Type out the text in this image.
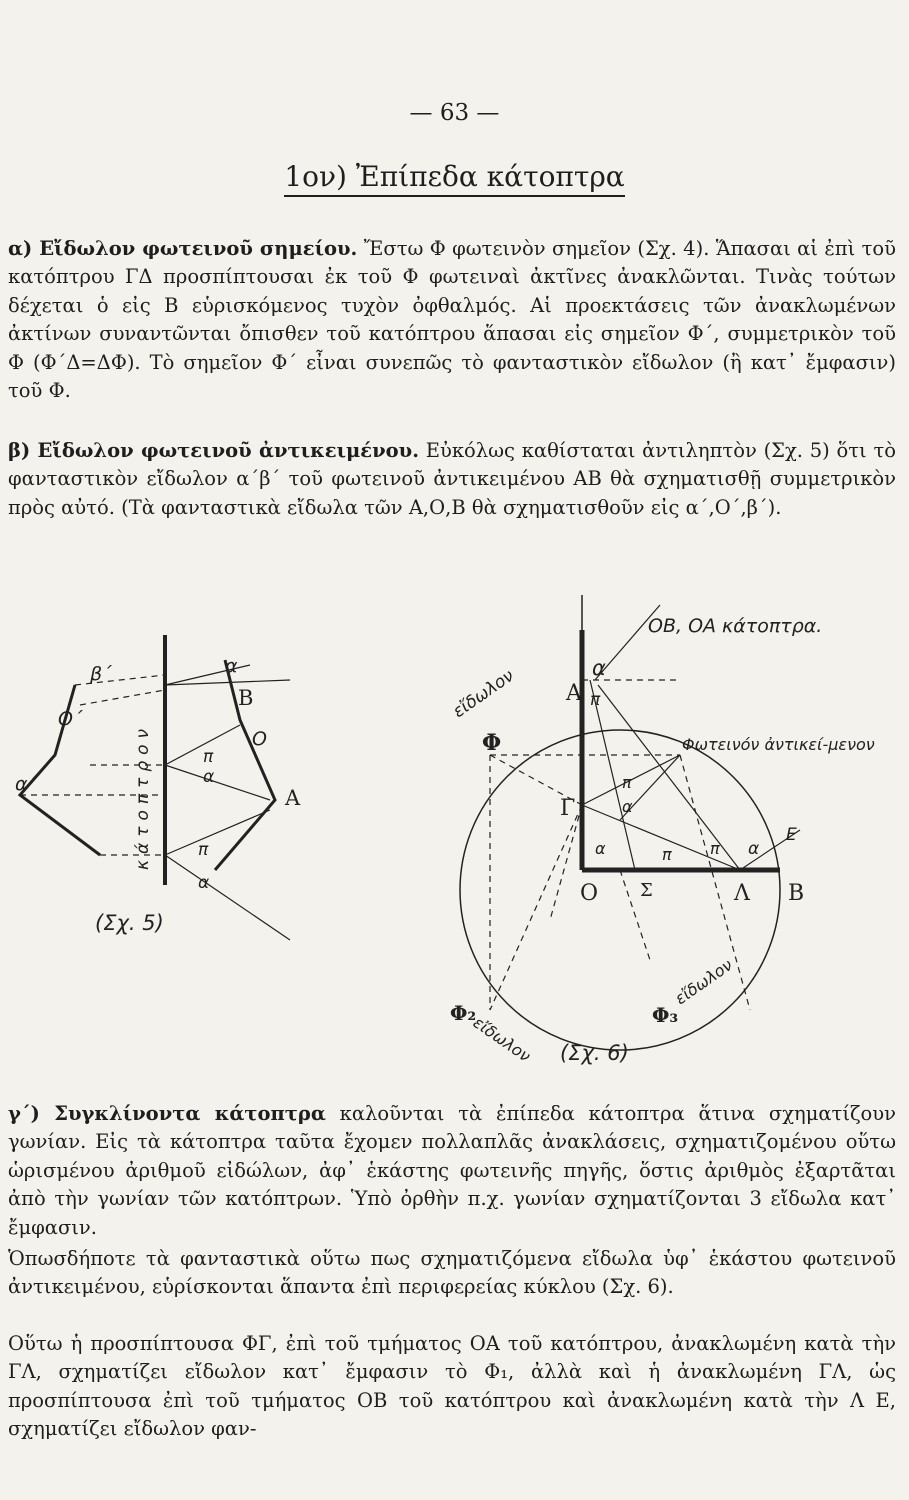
— 63 —
1ον) Ἐπίπεδα κάτοπτρα

α) Εἴδωλον φωτεινοῦ σημείου. Ἔστω Φ φωτεινὸν σημεῖον (Σχ. 4). Ἅπασαι αἱ ἐπὶ τοῦ κατόπτρου ΓΔ προσπίπτουσαι ἐκ τοῦ Φ φωτειναὶ ἀκτῖνες ἀνακλῶνται. Τινὰς τούτων δέχεται ὁ εἰς Β εὑρισκόμενος τυχὸν ὀφθαλμός. Αἱ προεκτάσεις τῶν ἀνακλωμένων ἀκτίνων συναντῶνται ὄπισθεν τοῦ κατόπτρου ἅπασαι εἰς σημεῖον Φ΄, συμμετρικὸν τοῦ Φ (Φ΄Δ=ΔΦ). Τὸ σημεῖον Φ΄ εἶναι συνεπῶς τὸ φανταστικὸν εἴδωλον (ἢ κατ᾽ ἔμφασιν) τοῦ Φ.

β) Εἴδωλον φωτεινοῦ ἀντικειμένου. Εὐκόλως καθίσταται ἀντιληπτὸν (Σχ. 5) ὅτι τὸ φανταστικὸν εἴδωλον α΄β΄ τοῦ φωτεινοῦ ἀντικειμένου ΑΒ θὰ σχηματισθῇ συμμετρικὸν πρὸς αὐτό. (Τὰ φανταστικὰ εἴδωλα τῶν Α,Ο,Β θὰ σχηματισθοῦν εἰς α΄,Ο΄,β΄).

β΄
Ο΄
α΄
Β
Ο
Α
α
π
α
π
α
κάτοπτρον
(Σχ. 5)
ΟΒ, ΟΑ κάτοπτρα.
εἴδωλον
Φ
Α π
α
Γ
π
α
α	π π α
Ε
Ο Σ	Λ Β
Φωτεινόν ἀντικεί-μενον
Φ₂
εἴδωλον	Φ₃
εἴδωλον
(Σχ. 6)

γ΄) Συγκλίνοντα κάτοπτρα καλοῦνται τὰ ἐπίπεδα κάτοπτρα ἅτινα σχηματίζουν γωνίαν. Εἰς τὰ κάτοπτρα ταῦτα ἔχομεν πολλαπλᾶς ἀνακλάσεις, σχηματιζομένου οὕτω ὡρισμένου ἀριθμοῦ εἰδώλων, ἀφ᾽ ἑκάστης φωτεινῆς πηγῆς, ὅστις ἀριθμὸς ἐξαρτᾶται ἀπὸ τὴν γωνίαν τῶν κατόπτρων. Ὑπὸ ὀρθὴν π.χ. γωνίαν σχηματίζονται 3 εἴδωλα κατ᾽ ἔμφασιν.

Ὁπωσδήποτε τὰ φανταστικὰ οὕτω πως σχηματιζόμενα εἴδωλα ὑφ᾽ ἑκάστου φωτεινοῦ ἀντικειμένου, εὑρίσκονται ἅπαντα ἐπὶ περιφερείας κύκλου (Σχ. 6).

Οὕτω ἡ προσπίπτουσα ΦΓ, ἐπὶ τοῦ τμήματος ΟΑ τοῦ κατόπτρου, ἀνακλωμένη κατὰ τὴν ΓΛ, σχηματίζει εἴδωλον κατ᾽ ἔμφασιν τὸ Φ₁, ἀλλὰ καὶ ἡ ἀνακλωμένη ΓΛ, ὡς προσπίπτουσα ἐπὶ τοῦ τμήματος ΟΒ τοῦ κατόπτρου καὶ ἀνακλωμένη κατὰ τὴν Λ Ε, σχηματίζει εἴδωλον φαν-
